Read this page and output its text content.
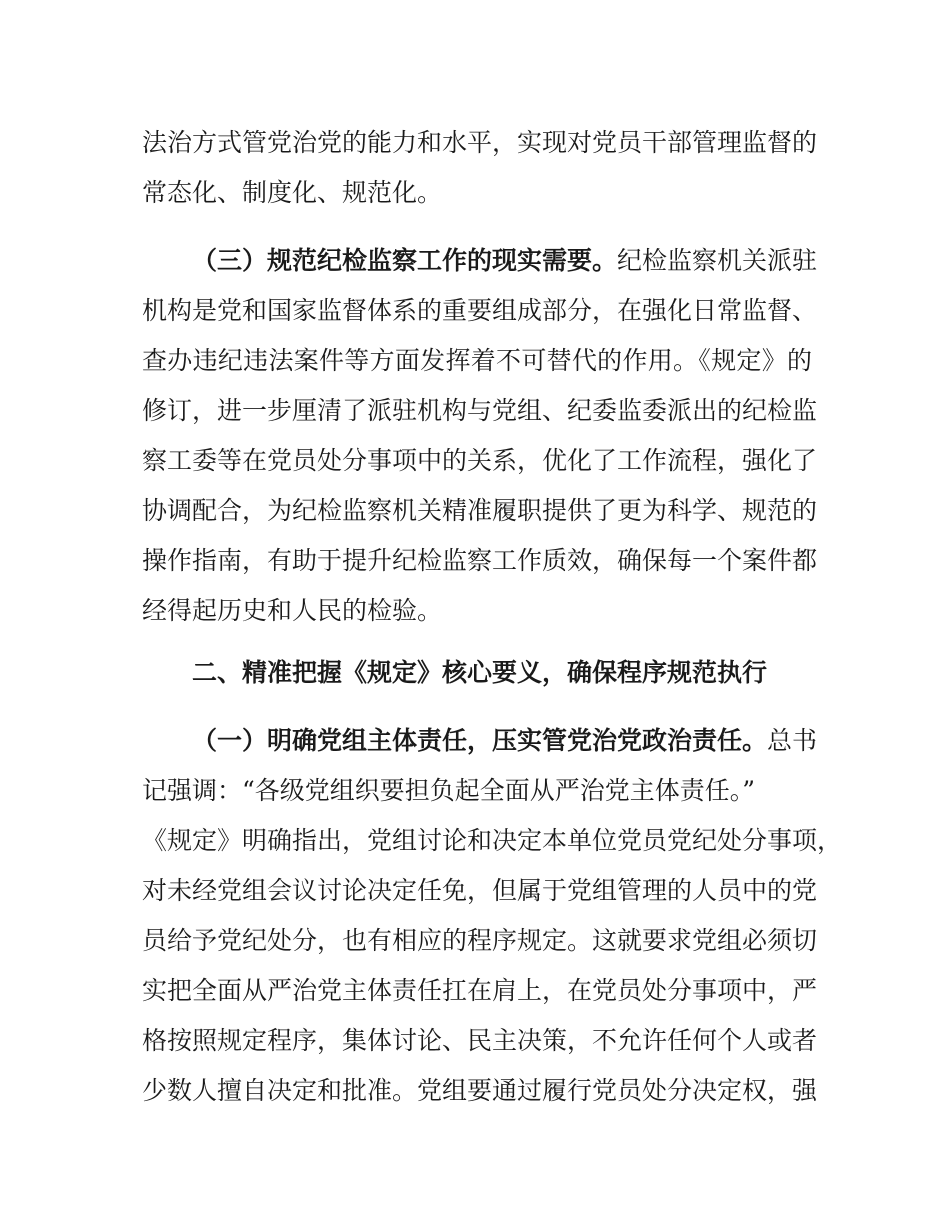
法治方式管党治党的能力和水平，实现对党员干部管理监督的
常态化、制度化、规范化。
（三）规范纪检监察工作的现实需要。纪检监察机关派驻
机构是党和国家监督体系的重要组成部分，在强化日常监督、
查办违纪违法案件等方面发挥着不可替代的作用。《规定》的
修订，进一步厘清了派驻机构与党组、纪委监委派出的纪检监
察工委等在党员处分事项中的关系，优化了工作流程，强化了
协调配合，为纪检监察机关精准履职提供了更为科学、规范的
操作指南，有助于提升纪检监察工作质效，确保每一个案件都
经得起历史和人民的检验。
二、精准把握《规定》核心要义，确保程序规范执行
（一）明确党组主体责任，压实管党治党政治责任。总书
记强调：“各级党组织要担负起全面从严治党主体责任。”
《规定》明确指出，党组讨论和决定本单位党员党纪处分事项，
对未经党组会议讨论决定任免，但属于党组管理的人员中的党
员给予党纪处分，也有相应的程序规定。这就要求党组必须切
实把全面从严治党主体责任扛在肩上，在党员处分事项中，严
格按照规定程序，集体讨论、民主决策，不允许任何个人或者
少数人擅自决定和批准。党组要通过履行党员处分决定权，强
